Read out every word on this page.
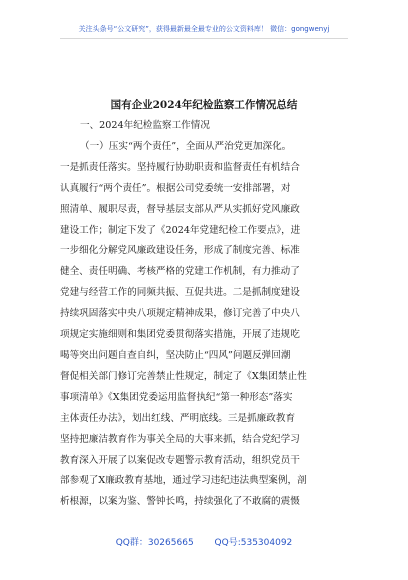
关注头条号“公文研究”，获得最新最全最专业的公文资料库！ 微信：gongwenyj
国有企业2024年纪检监察工作情况总结
一、2024年纪检监察工作情况
（一）压实“两个责任”，全面从严治党更加深化。
一是抓责任落实。坚持履行协助职责和监督责任有机结合
认真履行“两个责任”。根据公司党委统一安排部署，对
照清单、履职尽责，督导基层支部从严从实抓好党风廉政
建设工作；制定下发了《2024年党建纪检工作要点》，进
一步细化分解党风廉政建设任务，形成了制度完善、标准
健全、责任明确、考核严格的党建工作机制，有力推动了
党建与经营工作的同频共振、互促共进。二是抓制度建设
持续巩固落实中央八项规定精神成果，修订完善了中央八
项规定实施细则和集团党委贯彻落实措施，开展了违规吃
喝等突出问题自查自纠，坚决防止“四风”问题反弹回潮
督促相关部门修订完善禁止性规定，制定了《X集团禁止性
事项清单》《X集团党委运用监督执纪“第一种形态”落实
主体责任办法》，划出红线、严明底线。三是抓廉政教育
坚持把廉洁教育作为事关全局的大事来抓，结合党纪学习
教育深入开展了以案促改专题警示教育活动，组织党员干
部参观了X廉政教育基地，通过学习违纪违法典型案例，剖
析根源，以案为鉴、警钟长鸣，持续强化了不敢腐的震慑
QQ群：30265665 QQ号:535304092
